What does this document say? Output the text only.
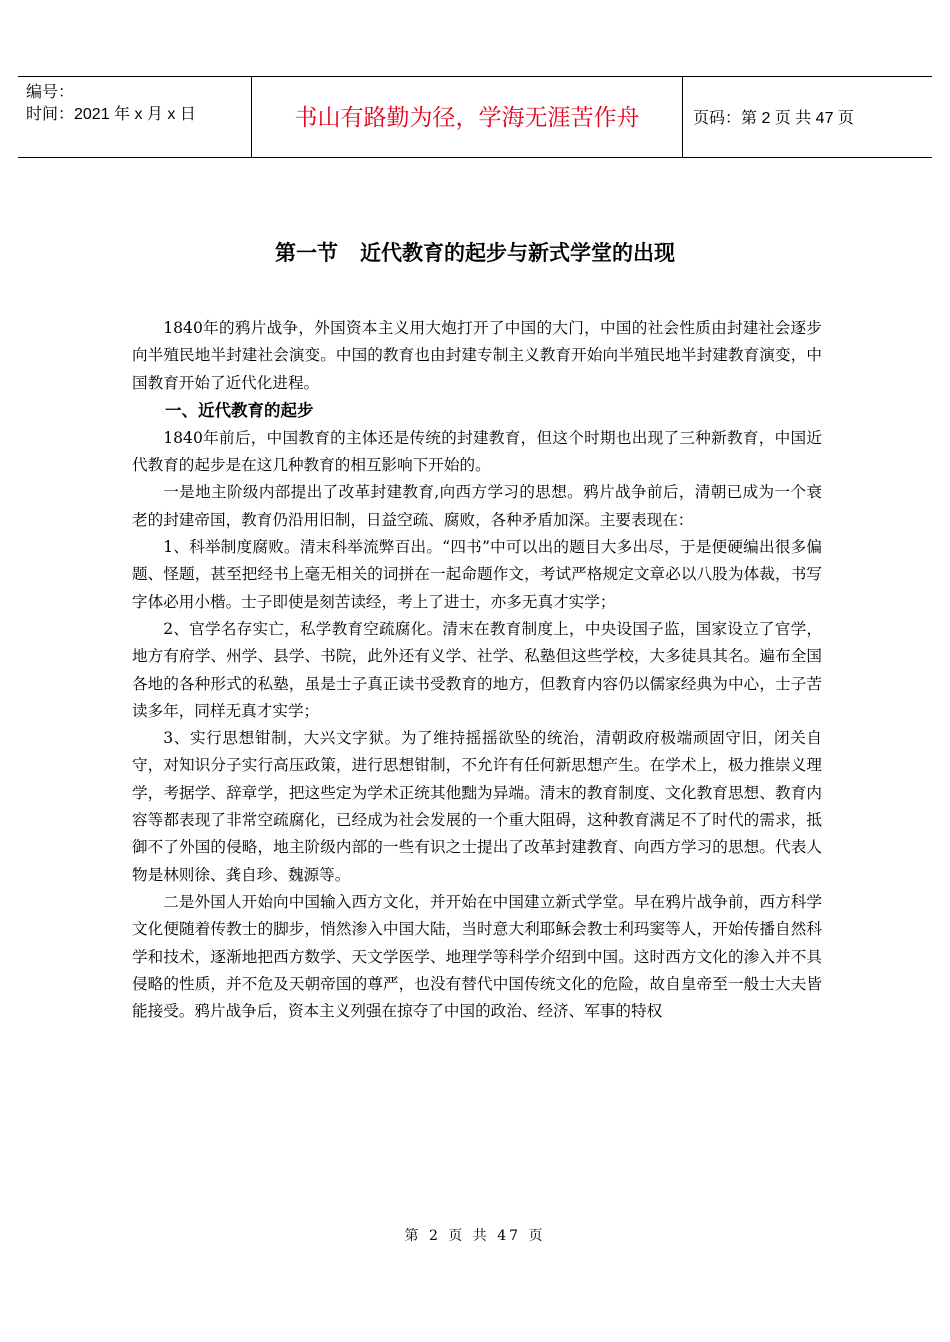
编号：
时间：2021 年 x 月 x 日	书山有路勤为径，学海无涯苦作舟	页码：第 2 页 共 47 页
第一节   近代教育的起步与新式学堂的出现

1840年的鸦片战争，外国资本主义用大炮打开了中国的大门，中国的社会性质由封建社会逐步向半殖民地半封建社会演变。中国的教育也由封建专制主义教育开始向半殖民地半封建教育演变，中国教育开始了近代化进程。

一、近代教育的起步

1840年前后，中国教育的主体还是传统的封建教育，但这个时期也出现了三种新教育，中国近代教育的起步是在这几种教育的相互影响下开始的。

一是地主阶级内部提出了改革封建教育,向西方学习的思想。鸦片战争前后，清朝已成为一个衰老的封建帝国，教育仍沿用旧制，日益空疏、腐败，各种矛盾加深。主要表现在：

1、科举制度腐败。清末科举流弊百出。“四书”中可以出的题目大多出尽，于是便硬编出很多偏题、怪题，甚至把经书上毫无相关的词拼在一起命题作文，考试严格规定文章必以八股为体裁，书写字体必用小楷。士子即使是刻苦读经，考上了进士，亦多无真才实学；

2、官学名存实亡，私学教育空疏腐化。清末在教育制度上，中央设国子监，国家设立了官学，地方有府学、州学、县学、书院，此外还有义学、社学、私塾但这些学校，大多徒具其名。遍布全国各地的各种形式的私塾，虽是士子真正读书受教育的地方，但教育内容仍以儒家经典为中心，士子苦读多年，同样无真才实学；

3、实行思想钳制，大兴文字狱。为了维持摇摇欲坠的统治，清朝政府极端顽固守旧，闭关自守，对知识分子实行高压政策，进行思想钳制，不允许有任何新思想产生。在学术上，极力推崇义理学，考据学、辞章学，把这些定为学术正统其他黜为异端。清末的教育制度、文化教育思想、教育内容等都表现了非常空疏腐化，已经成为社会发展的一个重大阻碍，这种教育满足不了时代的需求，抵御不了外国的侵略，地主阶级内部的一些有识之士提出了改革封建教育、向西方学习的思想。代表人物是林则徐、龚自珍、魏源等。

二是外国人开始向中国输入西方文化，并开始在中国建立新式学堂。早在鸦片战争前，西方科学文化便随着传教士的脚步，悄然渗入中国大陆，当时意大利耶稣会教士利玛窦等人，开始传播自然科学和技术，逐渐地把西方数学、天文学医学、地理学等科学介绍到中国。这时西方文化的渗入并不具侵略的性质，并不危及天朝帝国的尊严，也没有替代中国传统文化的危险，故自皇帝至一般士大夫皆能接受。鸦片战争后，资本主义列强在掠夺了中国的政治、经济、军事的特权

第 2 页 共 47 页
